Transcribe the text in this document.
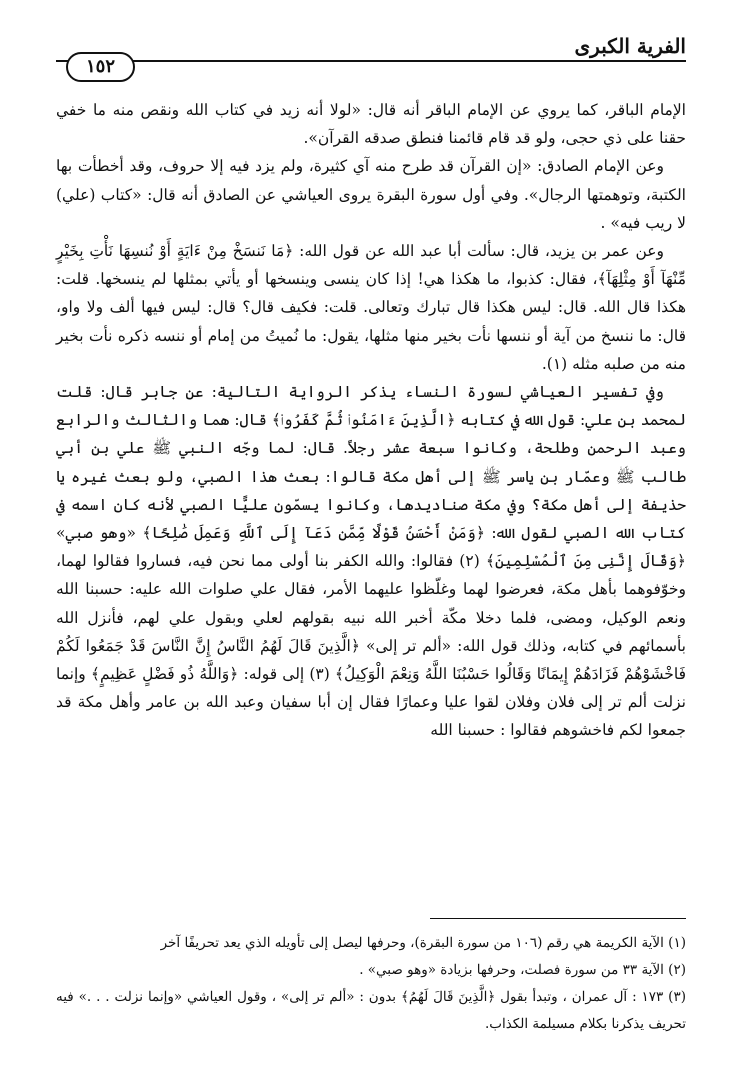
الفرية الكبرى
١٥٢

الإمام الباقر، كما يروي عن الإمام الباقر أنه قال: «لولا أنه زيد في كتاب الله ونقص منه ما خفي حقنا على ذي حجى، ولو قد قام قائمنا فنطق صدقه القرآن».

وعن الإمام الصادق: «إن القرآن قد طرح منه آي كثيرة، ولم يزد فيه إلا حروف، وقد أخطأت بها الكتبة، وتوهمتها الرجال». وفي أول سورة البقرة يروى العياشي عن الصادق أنه قال: «كتاب (علي) لا ريب فيه» .

وعن عمر بن يزيد، قال: سألت أبا عبد الله عن قول الله: ﴿مَا نَنسَخْ مِنْ ءَايَةٍ أَوْ نُنسِهَا نَأْتِ بِخَيْرٍ مِّنْهَآ أَوْ مِثْلِهَآ﴾، فقال: كذبوا، ما هكذا هي! إذا كان ينسى وينسخها أو يأتي بمثلها لم ينسخها. قلت: هكذا قال الله. قال: ليس هكذا قال تبارك وتعالى. قلت: فكيف قال؟ قال: ليس فيها ألف ولا واو، قال: ما ننسخ من آية أو ننسها نأت بخير منها مثلها، يقول: ما نُميتُ من إمام أو ننسه ذكره نأت بخير منه من صلبه مثله (١).

وفي تفسير العياشي لسورة النساء يذكر الرواية التالية: عن جابر قال: قلت لمحمد بن علي: قول الله في كتابه ﴿الَّذِينَ ءَامَنُوا۟ ثُمَّ كَفَرُوا۟﴾ قال: هما والثالث والرابع وعبد الرحمن وطلحة، وكانوا سبعة عشر رجلاً. قال: لما وجّه النبي ﷺ علي بن أبي طالب ﷺ وعمّار بن ياسر ﷺ إلى أهل مكة قالوا: بعث هذا الصبي، ولو بعث غيره يا حذيفة إلى أهل مكة؟ وفي مكة صناديدها، وكانوا يسمّون عليًّا الصبي لأنه كان اسمه في كتاب الله الصبي لقول الله: ﴿وَمَنْ أَحْسَنُ قَوْلًا مِّمَّن دَعَآ إِلَى ٱللَّهِ وَعَمِلَ صَٰلِحًا﴾ «وهو صبي» ﴿وَقَالَ إِنَّنِى مِنَ ٱلْمُسْلِمِينَ﴾ (٢) فقالوا: والله الكفر بنا أولى مما نحن فيه، فساروا فقالوا لهما، وخوّفوهما بأهل مكة، فعرضوا لهما وغلّظوا عليهما الأمر، فقال علي صلوات الله عليه: حسبنا الله ونعم الوكيل، ومضى، فلما دخلا مكّة أخبر الله نبيه بقولهم لعلي وبقول علي لهم، فأنزل الله بأسمائهم في كتابه، وذلك قول الله: «ألم تر إلى» ﴿الَّذِينَ قَالَ لَهُمُ النَّاسُ إِنَّ النَّاسَ قَدْ جَمَعُوا لَكُمْ فَاخْشَوْهُمْ فَزَادَهُمْ إِيمَانًا وَقَالُوا حَسْبُنَا اللَّهُ وَنِعْمَ الْوَكِيلُ﴾ (٣) إلى قوله: ﴿وَاللَّهُ ذُو فَضْلٍ عَظِيمٍ﴾ وإنما نزلت ألم تر إلى فلان وفلان لقوا عليا وعمارًا فقال إن أبا سفيان وعبد الله بن عامر وأهل مكة قد جمعوا لكم فاخشوهم فقالوا : حسبنا الله

(١) الآية الكريمة هي رقم (١٠٦ من سورة البقرة)، وحرفها ليصل إلى تأويله الذي يعد تحريفًا آخر

(٢) الآية ٣٣ من سورة فصلت، وحرفها بزيادة «وهو صبي» .

(٣) ١٧٣ : آل عمران ، وتبدأ بقول ﴿الَّذِينَ قَالَ لَهُمُ﴾ بدون : «ألم تر إلى» ، وقول العياشي «وإنما نزلت . . .» فيه تحريف يذكرنا بكلام مسيلمة الكذاب.
